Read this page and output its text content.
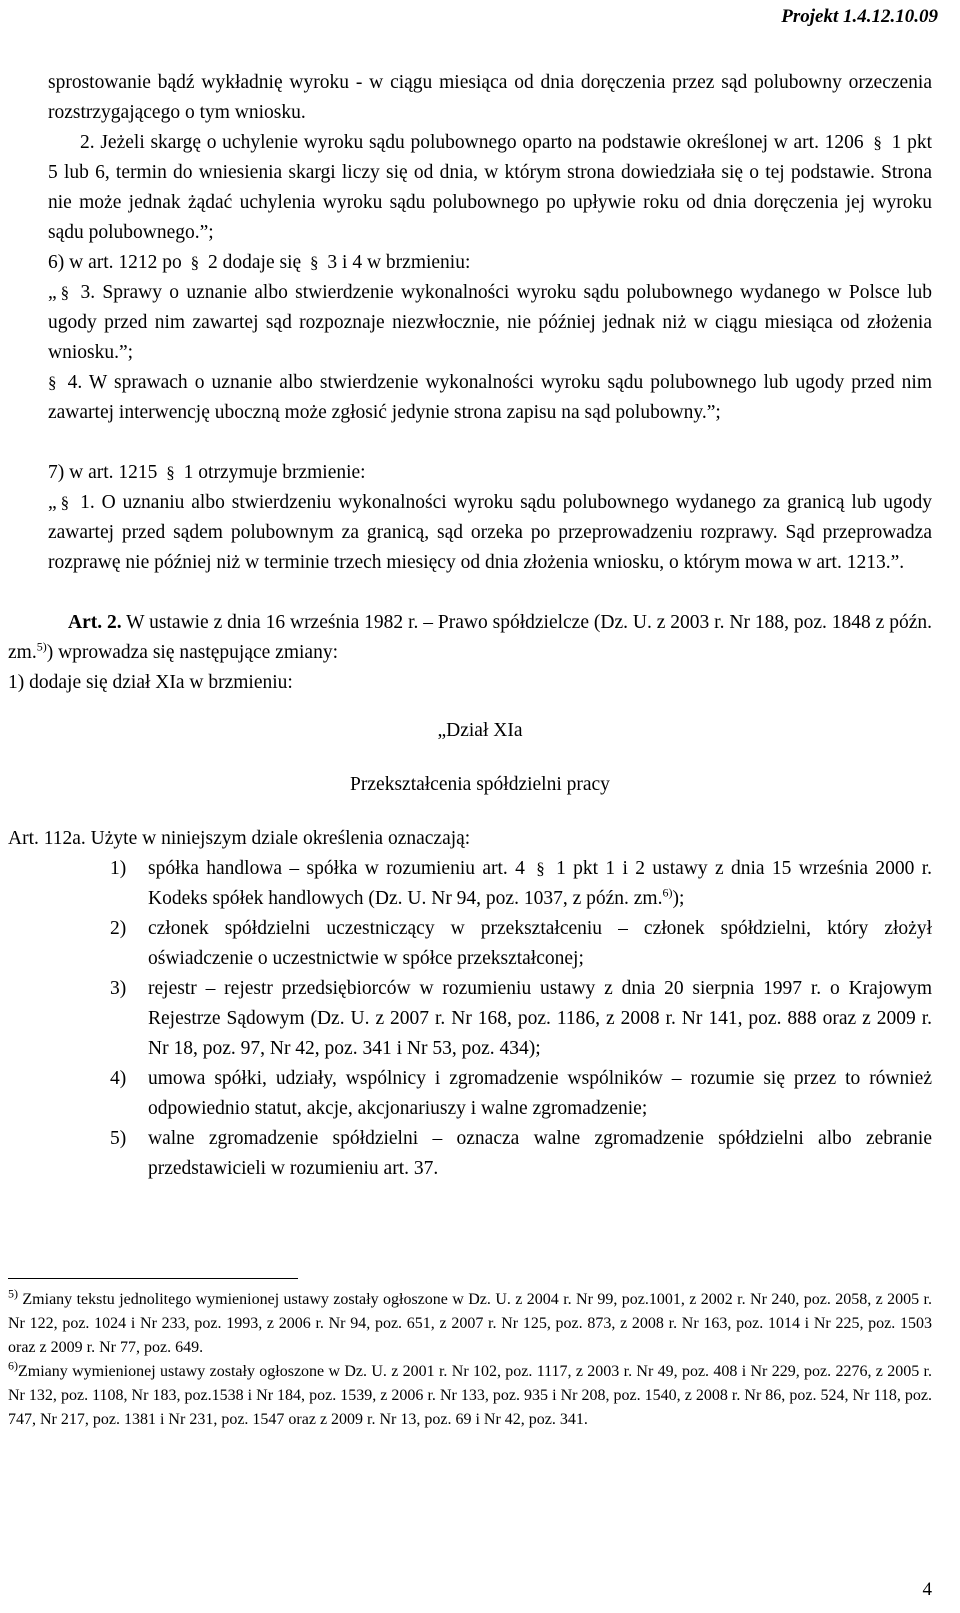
Projekt 1.4.12.10.09
sprostowanie bądź wykładnię wyroku - w ciągu miesiąca od dnia doręczenia przez sąd polubowny orzeczenia rozstrzygającego o tym wniosku.
2. Jeżeli skargę o uchylenie wyroku sądu polubownego oparto na podstawie określonej w art. 1206 § 1 pkt 5 lub 6, termin do wniesienia skargi liczy się od dnia, w którym strona dowiedziała się o tej podstawie. Strona nie może jednak żądać uchylenia wyroku sądu polubownego po upływie roku od dnia doręczenia jej wyroku sądu polubownego.”;
6) w art. 1212 po § 2 dodaje się § 3 i 4 w brzmieniu:
„ § 3. Sprawy o uznanie albo stwierdzenie wykonalności wyroku sądu polubownego wydanego w Polsce lub ugody przed nim zawartej sąd rozpoznaje niezwłocznie, nie później jednak niż w ciągu miesiąca od złożenia wniosku.”;
§ 4. W sprawach o uznanie albo stwierdzenie wykonalności wyroku sądu polubownego lub ugody przed nim zawartej interwencję uboczną może zgłosić jedynie strona zapisu na sąd polubowny.”;
7) w art. 1215 § 1 otrzymuje brzmienie:
„ § 1. O uznaniu albo stwierdzeniu wykonalności wyroku sądu polubownego wydanego za granicą lub ugody zawartej przed sądem polubownym za granicą, sąd orzeka po przeprowadzeniu rozprawy. Sąd przeprowadza rozprawę nie później niż w terminie trzech miesięcy od dnia złożenia wniosku, o którym mowa w art. 1213.”.
Art. 2. W ustawie z dnia 16 września 1982 r. – Prawo spółdzielcze (Dz. U. z 2003 r. Nr 188, poz. 1848 z późn. zm.$^{5)}$) wprowadza się następujące zmiany:
1) dodaje się dział XIa w brzmieniu:
„Dział XIa
Przekształcenia spółdzielni pracy
Art. 112a. Użyte w niniejszym dziale określenia oznaczają:
1) spółka handlowa – spółka w rozumieniu art. 4 § 1 pkt 1 i 2 ustawy z dnia 15 września 2000 r. Kodeks spółek handlowych (Dz. U. Nr 94, poz. 1037, z późn. zm.$^{6)}$);
2) członek spółdzielni uczestniczący w przekształceniu – członek spółdzielni, który złożył oświadczenie o uczestnictwie w spółce przekształconej;
3) rejestr – rejestr przedsiębiorców w rozumieniu ustawy z dnia 20 sierpnia 1997 r. o Krajowym Rejestrze Sądowym (Dz. U. z 2007 r. Nr 168, poz. 1186, z 2008 r. Nr 141, poz. 888 oraz z 2009 r. Nr 18, poz. 97, Nr 42, poz. 341 i Nr 53, poz. 434);
4) umowa spółki, udziały, wspólnicy i zgromadzenie wspólników – rozumie się przez to również odpowiednio statut, akcje, akcjonariuszy i walne zgromadzenie;
5) walne zgromadzenie spółdzielni – oznacza walne zgromadzenie spółdzielni albo zebranie przedstawicieli w rozumieniu art. 37.
$^{5)}$ Zmiany tekstu jednolitego wymienionej ustawy zostały ogłoszone w Dz. U. z 2004 r. Nr 99, poz.1001, z 2002 r. Nr 240, poz. 2058, z 2005 r. Nr 122, poz. 1024 i Nr 233, poz. 1993, z 2006 r. Nr 94, poz. 651, z 2007 r. Nr 125, poz. 873, z 2008 r. Nr 163, poz. 1014 i Nr 225, poz. 1503 oraz z 2009 r. Nr 77, poz. 649.
$^{6)}$Zmiany wymienionej ustawy zostały ogłoszone w Dz. U. z 2001 r. Nr 102, poz. 1117, z 2003 r. Nr 49, poz. 408 i Nr 229, poz. 2276, z 2005 r. Nr 132, poz. 1108, Nr 183, poz.1538 i Nr 184, poz. 1539, z 2006 r. Nr 133, poz. 935 i Nr 208, poz. 1540, z 2008 r. Nr 86, poz. 524, Nr 118, poz. 747, Nr 217, poz. 1381 i Nr 231, poz. 1547 oraz z 2009 r. Nr 13, poz. 69 i Nr 42, poz. 341.
4
